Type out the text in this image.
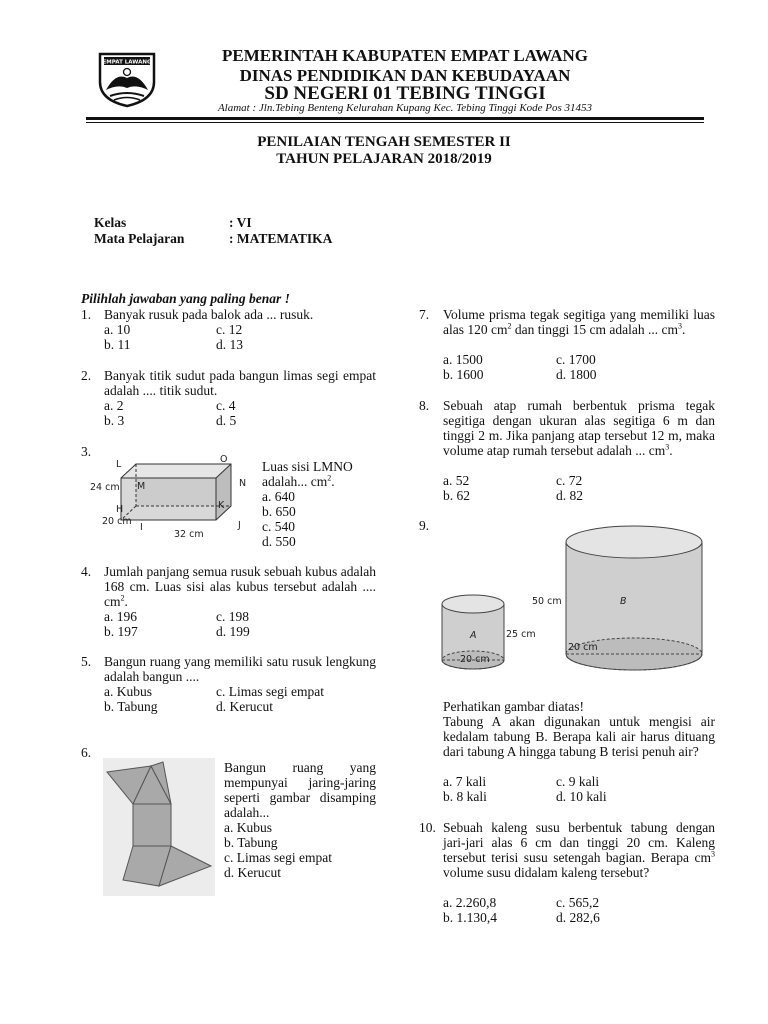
EMPAT LAWANG	PEMERINTAH KABUPATEN EMPAT LAWANG
DINAS PENDIDIKAN DAN KEBUDAYAAN
SD NEGERI 01 TEBING TINGGI
Alamat : Jln.Tebing Benteng Kelurahan Kupang Kec. Tebing Tinggi Kode Pos 31453
PENILAIAN TENGAH SEMESTER II
TAHUN PELAJARAN 2018/2019
Kelas	: VI
Mata Pelajaran	: MATEMATIKA
Pilihlah jawaban yang paling benar !
1. Banyak rusuk pada balok ada ... rusuk.
a. 10
b. 11
c. 12
d. 13
2. Banyak titik sudut pada bangun limas segi empat adalah .... titik sudut.
a. 2
b. 3
c. 4
d. 5
3.
L	O
M	N
H	K
I	J
24 cm
20 cm
32 cm
Luas sisi LMNO
adalah... $cm^2$.
a. 640
b. 650
c. 540
d. 550
4. Jumlah panjang semua rusuk sebuah kubus adalah 168 cm. Luas sisi alas kubus tersebut adalah .... $cm^2$.
a. 196
b. 197
c. 198
d. 199
5. Bangun ruang yang memiliki satu rusuk lengkung adalah bangun ....
a. Kubus
b. Tabung
c. Limas segi empat
d. Kerucut
6.
Bangun ruang yang mempunyai jaring-jaring seperti gambar disamping adalah...
a. Kubus
b. Tabung
c. Limas segi empat
d. Kerucut
7. Volume prisma tegak segitiga yang memiliki luas alas 120 $cm^2$ dan tinggi 15 cm adalah ... $cm^3$.
a. 1500
b. 1600
c. 1700
d. 1800
8. Sebuah atap rumah berbentuk prisma tegak segitiga dengan ukuran alas segitiga 6 m dan tinggi 2 m. Jika panjang atap tersebut 12 m, maka volume atap rumah tersebut adalah ... $cm^3$.
a. 52
b. 62
c. 72
d. 82
9.
A
B
25 cm
50 cm
20 cm
20 cm
Perhatikan gambar diatas!
Tabung A akan digunakan untuk mengisi air kedalam tabung B. Berapa kali air harus dituang dari tabung A hingga tabung B terisi penuh air?
a. 7 kali
b. 8 kali
c. 9 kali
d. 10 kali
10. Sebuah kaleng susu berbentuk tabung dengan jari-jari alas 6 cm dan tinggi 20 cm. Kaleng tersebut terisi susu setengah bagian. Berapa $cm^3$ volume susu didalam kaleng tersebut?
a. 2.260,8
b. 1.130,4
c. 565,2
d. 282,6
